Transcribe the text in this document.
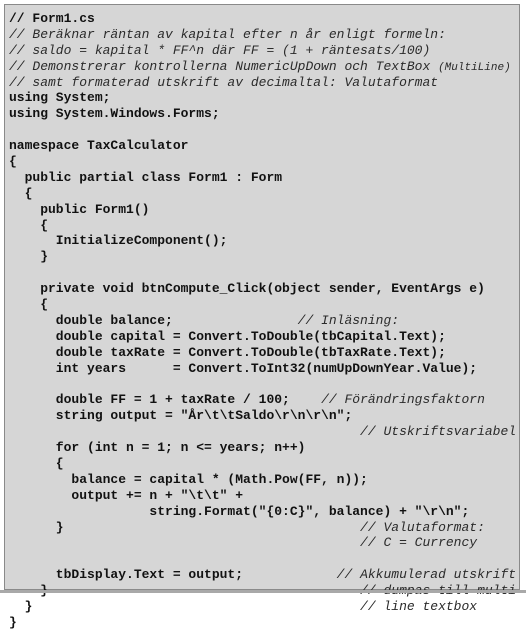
// Form1.cs
// Beräknar räntan av kapital efter n år enligt formeln:
// saldo = kapital * FF^n där FF = (1 + räntesats/100)
// Demonstrerar kontrollerna NumericUpDown och TextBox (MultiLine)
// samt formaterad utskrift av decimaltal: Valutaformat
using System;
using System.Windows.Forms;
namespace TaxCalculator
{
public partial class Form1 : Form
{
public Form1()
{
InitializeComponent();
}
private void btnCompute_Click(object sender, EventArgs e)
{
double balance;                // Inläsning:
double capital = Convert.ToDouble(tbCapital.Text);
double taxRate = Convert.ToDouble(tbTaxRate.Text);
int years      = Convert.ToInt32(numUpDownYear.Value);
double FF = 1 + taxRate / 100;    // Förändringsfaktorn
string output = "År\t\tSaldo\r\n\r\n";
// Utskriftsvariabel
for (int n = 1; n <= years; n++)
{
balance = capital * (Math.Pow(FF, n));
output += n + "\t\t" +
string.Format("{0:C}", balance) + "\r\n";
}                                      // Valutaformat:
// C = Currency
tbDisplay.Text = output;            // Akkumulerad utskrift
}                                          // line textbox
}
